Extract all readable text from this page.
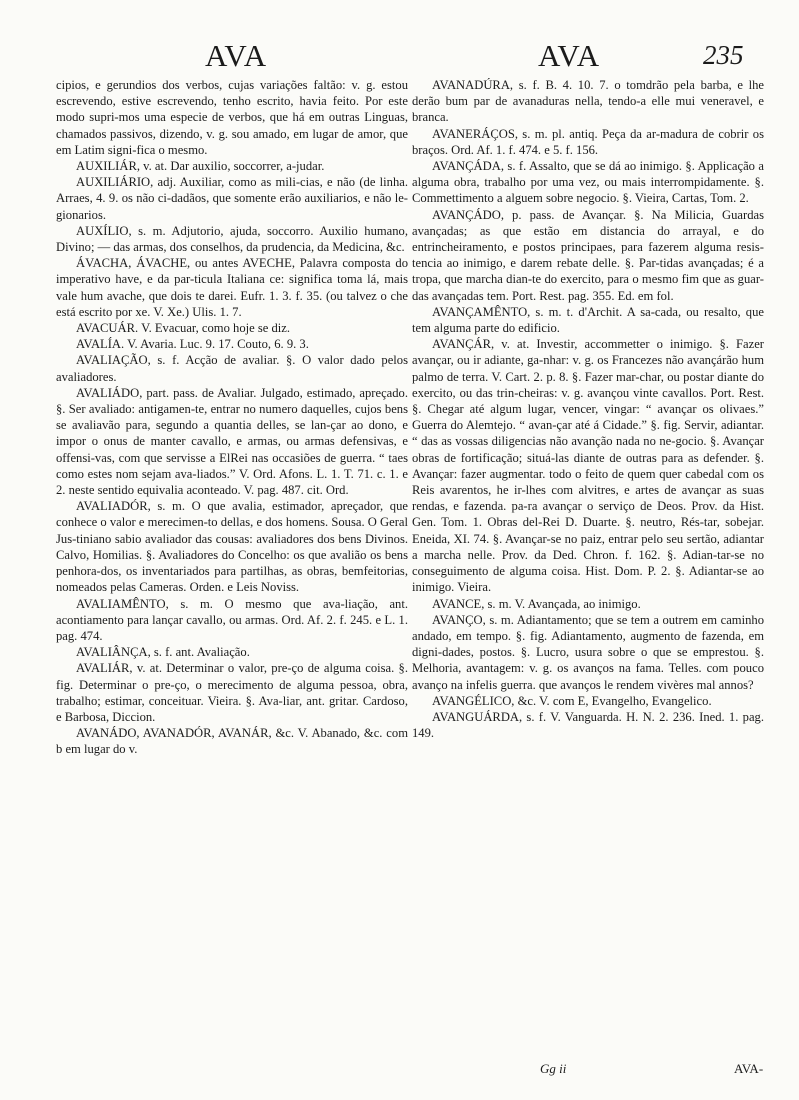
AVA	AVA	235

cipios, e gerundios dos verbos, cujas variações faltão: v. g. estou escrevendo, estive escrevendo, tenho escrito, havia feito. Por este modo supri-mos uma especie de verbos, que há em outras Linguas, chamados passivos, dizendo, v. g. sou amado, em lugar de amor, que em Latim signi-fica o mesmo.

AUXILIÁR, v. at. Dar auxilio, soccorrer, a-judar.

AUXILIÁRIO, adj. Auxiliar, como as mili-cias, e não (de linha. Arraes, 4. 9. os não ci-dadãos, que somente erão auxiliarios, e não le-gionarios.

AUXÍLIO, s. m. Adjutorio, ajuda, soccorro. Auxilio humano, Divino; — das armas, dos conselhos, da prudencia, da Medicina, &c.

ÁVACHA, ÁVACHE, ou antes AVECHE, Palavra composta do imperativo have, e da par-ticula Italiana ce: significa toma lá, mais vale hum avache, que dois te darei. Eufr. 1. 3. f. 35. (ou talvez o che está escrito por xe. V. Xe.) Ulis. 1. 7.

AVACUÁR. V. Evacuar, como hoje se diz.

AVALÍA. V. Avaria. Luc. 9. 17. Couto, 6. 9. 3.

AVALIAÇÃO, s. f. Acção de avaliar. §. O valor dado pelos avaliadores.

AVALIÁDO, part. pass. de Avaliar. Julgado, estimado, apreçado. §. Ser avaliado: antigamen-te, entrar no numero daquelles, cujos bens se avaliavão para, segundo a quantia delles, se lan-çar ao dono, e impor o onus de manter cavallo, e armas, ou armas defensivas, e offensi-vas, com que servisse a ElRei nas occasiões de guerra. “ taes como estes nom sejam ava-liados.” V. Ord. Afons. L. 1. T. 71. c. 1. e 2. neste sentido equivalia aconteado. V. pag. 487. cit. Ord.

AVALIADÓR, s. m. O que avalia, estimador, apreçador, que conhece o valor e merecimen-to dellas, e dos homens. Sousa. O Geral Jus-tiniano sabio avaliador das cousas: avaliadores dos bens Divinos. Calvo, Homilias. §. Avaliadores do Concelho: os que avalião os bens penhora-dos, os inventariados para partilhas, as obras, bemfeitorias, nomeados pelas Cameras. Orden. e Leis Noviss.

AVALIAMÊNTO, s. m. O mesmo que ava-liação, ant. acontiamento para lançar cavallo, ou armas. Ord. Af. 2. f. 245. e L. 1. pag. 474.

AVALIÂNÇA, s. f. ant. Avaliação.

AVALIÁR, v. at. Determinar o valor, pre-ço de alguma coisa. §. fig. Determinar o pre-ço, o merecimento de alguma pessoa, obra, trabalho; estimar, conceituar. Vieira. §. Ava-liar, ant. gritar. Cardoso, e Barbosa, Diccion.

AVANÁDO, AVANADÓR, AVANÁR, &c. V. Abanado, &c. com b em lugar do v.

AVANADÚRA, s. f. B. 4. 10. 7. o tomdrão pela barba, e lhe derão bum par de avanaduras nella, tendo-a elle mui veneravel, e branca.

AVANERÁÇOS, s. m. pl. antiq. Peça da ar-madura de cobrir os braços. Ord. Af. 1. f. 474. e 5. f. 156.

AVANÇÁDA, s. f. Assalto, que se dá ao inimigo. §. Applicação a alguma obra, trabalho por uma vez, ou mais interrompidamente. §. Commettimento a alguem sobre negocio. §. Vieira, Cartas, Tom. 2.

AVANÇÁDO, p. pass. de Avançar. §. Na Milicia, Guardas avançadas; as que estão em distancia do arrayal, e do entrincheiramento, e postos principaes, para fazerem alguma resis-tencia ao inimigo, e darem rebate delle. §. Par-tidas avançadas; é a tropa, que marcha dian-te do exercito, para o mesmo fim que as guar-das avançadas tem. Port. Rest. pag. 355. Ed. em fol.

AVANÇAMÊNTO, s. m. t. d'Archit. A sa-cada, ou resalto, que tem alguma parte do edificio.

AVANÇÁR, v. at. Investir, accommetter o inimigo. §. Fazer avançar, ou ir adiante, ga-nhar: v. g. os Francezes não avançárão hum palmo de terra. V. Cart. 2. p. 8. §. Fazer mar-char, ou postar diante do exercito, ou das trin-cheiras: v. g. avançou vinte cavallos. Port. Rest. §. Chegar até algum lugar, vencer, vingar: “ avançar os olivaes.” Guerra do Alemtejo. “ avan-çar até á Cidade.” §. fig. Servir, adiantar. “ das as vossas diligencias não avanção nada no ne-gocio. §. Avançar obras de fortificação; situá-las diante de outras para as defender. §. Avançar: fazer augmentar. todo o feito de quem quer cabedal com os Reis avarentos, he ir-lhes com alvitres, e artes de avançar as suas rendas, e fazenda. pa-ra avançar o serviço de Deos. Prov. da Hist. Gen. Tom. 1. Obras del-Rei D. Duarte. §. neutro, Rés-tar, sobejar. Eneida, XI. 74. §. Avançar-se no paiz, entrar pelo seu sertão, adiantar a marcha nelle. Prov. da Ded. Chron. f. 162. §. Adian-tar-se no conseguimento de alguma coisa. Hist. Dom. P. 2. §. Adiantar-se ao inimigo. Vieira.

AVANCE, s. m. V. Avançada, ao inimigo.

AVANÇO, s. m. Adiantamento; que se tem a outrem em caminho andado, em tempo. §. fig. Adiantamento, augmento de fazenda, em digni-dades, postos. §. Lucro, usura sobre o que se emprestou. §. Melhoria, avantagem: v. g. os avanços na fama. Telles. com pouco avanço na infelis guerra. que avanços le rendem vivères mal annos?

AVANGÉLICO, &c. V. com E, Evangelho, Evangelico.

AVANGUÁRDA, s. f. V. Vanguarda. H. N. 2. 236. Ined. 1. pag. 149.

Gg ii	AVA-
